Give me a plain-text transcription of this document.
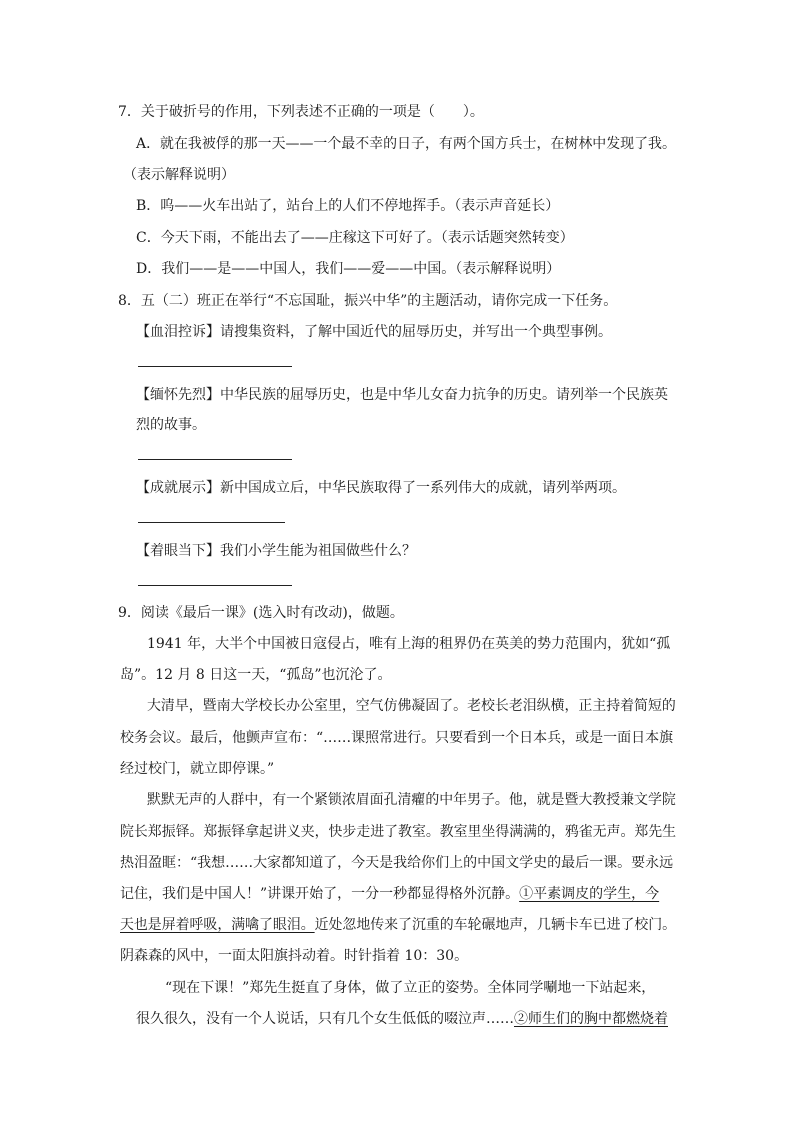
7．关于破折号的作用，下列表述不正确的一项是（　　）。
A．就在我被俘的那一天——一个最不幸的日子，有两个国方兵士，在树林中发现了我。
（表示解释说明）
B．呜——火车出站了，站台上的人们不停地挥手。（表示声音延长）
C．今天下雨，不能出去了——庄稼这下可好了。（表示话题突然转变）
D．我们——是——中国人，我们——爱——中国。（表示解释说明）
8．五（二）班正在举行“不忘国耻，振兴中华”的主题活动，请你完成一下任务。
【血泪控诉】请搜集资料，了解中国近代的屈辱历史，并写出一个典型事例。
【缅怀先烈】中华民族的屈辱历史，也是中华儿女奋力抗争的历史。请列举一个民族英
烈的故事。
【成就展示】新中国成立后，中华民族取得了一系列伟大的成就，请列举两项。
【着眼当下】我们小学生能为祖国做些什么？
9．阅读《最后一课》(选入时有改动)，做题。
1941 年，大半个中国被日寇侵占，唯有上海的租界仍在英美的势力范围内，犹如“孤
岛”。12 月 8 日这一天，“孤岛”也沉沦了。
大清早，暨南大学校长办公室里，空气仿佛凝固了。老校长老泪纵横，正主持着简短的
校务会议。最后，他颤声宣布：“……课照常进行。只要看到一个日本兵，或是一面日本旗
经过校门，就立即停课。”
默默无声的人群中，有一个紧锁浓眉面孔清癯的中年男子。他，就是暨大教授兼文学院
院长郑振铎。郑振铎拿起讲义夹，快步走进了教室。教室里坐得满满的，鸦雀无声。郑先生
热泪盈眶：“我想……大家都知道了，今天是我给你们上的中国文学史的最后一课。要永远
记住，我们是中国人！”讲课开始了，一分一秒都显得格外沉静。①平素调皮的学生，今
天也是屏着呼吸，满噙了眼泪。近处忽地传来了沉重的车轮碾地声，几辆卡车已进了校门。
阴森森的风中，一面太阳旗抖动着。时针指着 10：30。
“现在下课！”郑先生挺直了身体，做了立正的姿势。全体同学唰地一下站起来，
很久很久，没有一个人说话，只有几个女生低低的啜泣声……②师生们的胸中都燃烧着
